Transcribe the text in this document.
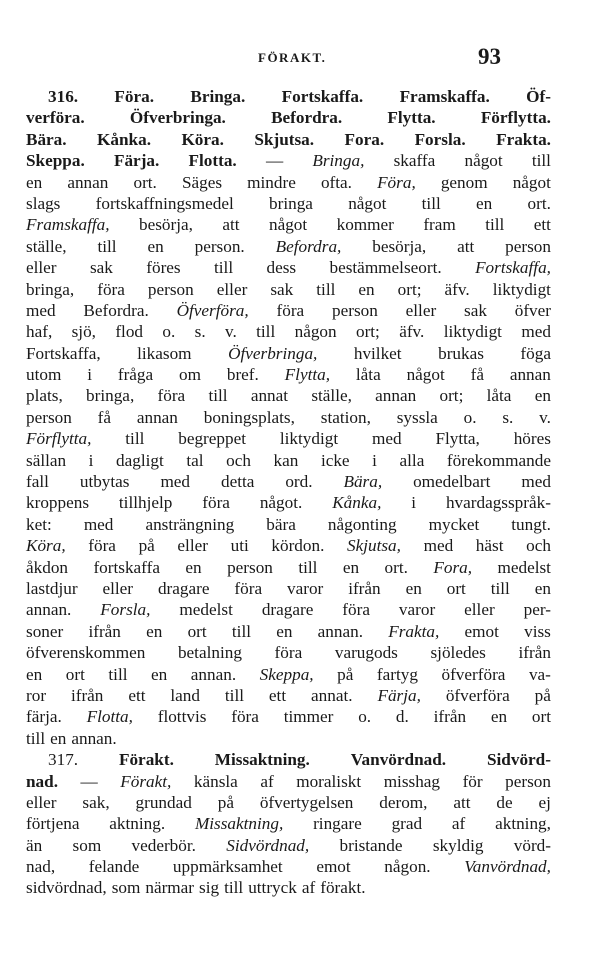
FÖRAKT.	93
316. Föra. Bringa. Fortskaffa. Framskaffa. Öf-
verföra.	Öfverbringa.	Befordra.	Flytta.	Förflytta.
Bära. Kånka. Köra. Skjutsa. Fora. Forsla. Frakta.
Skeppa. Färja. Flotta. — Bringa, skaffa något till
en annan ort. Säges mindre ofta. Föra, genom något
slags fortskaffningsmedel bringa något till en ort.
Framskaffa, besörja, att något kommer fram till ett
ställe, till en person. Befordra, besörja, att person
eller sak föres till dess bestämmelseort. Fortskaffa,
bringa, föra person eller sak till en ort; äfv. liktydigt
med Befordra. Öfverföra, föra person eller sak öfver
haf, sjö, flod o. s. v. till någon ort; äfv. liktydigt med
Fortskaffa, likasom Öfverbringa, hvilket brukas föga
utom i fråga om bref. Flytta, låta något få annan
plats, bringa, föra till annat ställe, annan ort; låta en
person få annan boningsplats, station, syssla o. s. v.
Förflytta, till begreppet liktydigt med Flytta, höres
sällan i dagligt tal och kan icke i alla förekommande
fall utbytas med detta ord. Bära, omedelbart med
kroppens tillhjelp föra något. Kånka, i hvardagsspråk-
ket: med ansträngning bära någonting mycket tungt.
Köra, föra på eller uti kördon. Skjutsa, med häst och
åkdon fortskaffa en person till en ort. Fora, medelst
lastdjur eller dragare föra varor ifrån en ort till en
annan. Forsla, medelst dragare föra varor eller per-
soner ifrån en ort till en annan. Frakta, emot viss
öfverenskommen betalning föra varugods sjöledes ifrån
en ort till en annan. Skeppa, på fartyg öfverföra va-
ror ifrån ett land till ett annat. Färja, öfverföra på
färja. Flotta, flottvis föra timmer o. d. ifrån en ort
till en annan.
317. Förakt. Missaktning. Vanvördnad. Sidvörd-
nad. — Förakt, känsla af moraliskt misshag för person
eller sak, grundad på öfvertygelsen derom, att de ej
förtjena aktning. Missaktning, ringare grad af aktning,
än som vederbör. Sidvördnad, bristande skyldig vörd-
nad, felande uppmärksamhet emot någon. Vanvördnad,
sidvördnad, som närmar sig till uttryck af förakt.
